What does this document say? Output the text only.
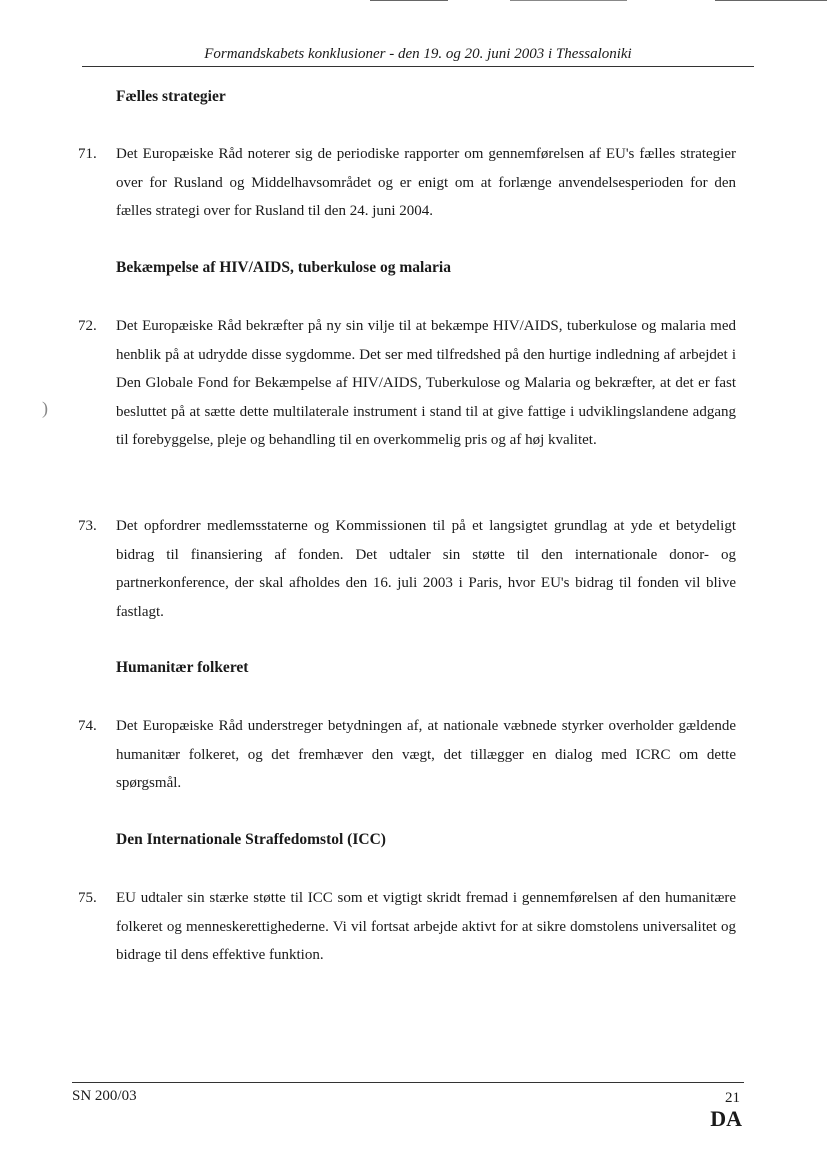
Formandskabets konklusioner - den 19. og 20. juni 2003 i Thessaloniki
Fælles strategier
71. Det Europæiske Råd noterer sig de periodiske rapporter om gennemførelsen af EU's fælles strategier over for Rusland og Middelhavsområdet og er enigt om at forlænge anvendelsesperioden for den fælles strategi over for Rusland til den 24. juni 2004.
Bekæmpelse af HIV/AIDS, tuberkulose og malaria
72. Det Europæiske Råd bekræfter på ny sin vilje til at bekæmpe HIV/AIDS, tuberkulose og malaria med henblik på at udrydde disse sygdomme. Det ser med tilfredshed på den hurtige indledning af arbejdet i Den Globale Fond for Bekæmpelse af HIV/AIDS, Tuberkulose og Malaria og bekræfter, at det er fast besluttet på at sætte dette multilaterale instrument i stand til at give fattige i udviklingslandene adgang til forebyggelse, pleje og behandling til en overkommelig pris og af høj kvalitet.
73. Det opfordrer medlemsstaterne og Kommissionen til på et langsigtet grundlag at yde et betydeligt bidrag til finansiering af fonden. Det udtaler sin støtte til den internationale donor- og partnerkonference, der skal afholdes den 16. juli 2003 i Paris, hvor EU's bidrag til fonden vil blive fastlagt.
Humanitær folkeret
74. Det Europæiske Råd understreger betydningen af, at nationale væbnede styrker overholder gældende humanitær folkeret, og det fremhæver den vægt, det tillægger en dialog med ICRC om dette spørgsmål.
Den Internationale Straffedomstol (ICC)
75. EU udtaler sin stærke støtte til ICC som et vigtigt skridt fremad i gennemførelsen af den humanitære folkeret og menneskerettighederne. Vi vil fortsat arbejde aktivt for at sikre domstolens universalitet og bidrage til dens effektive funktion.
)
SN 200/03	21
DA
